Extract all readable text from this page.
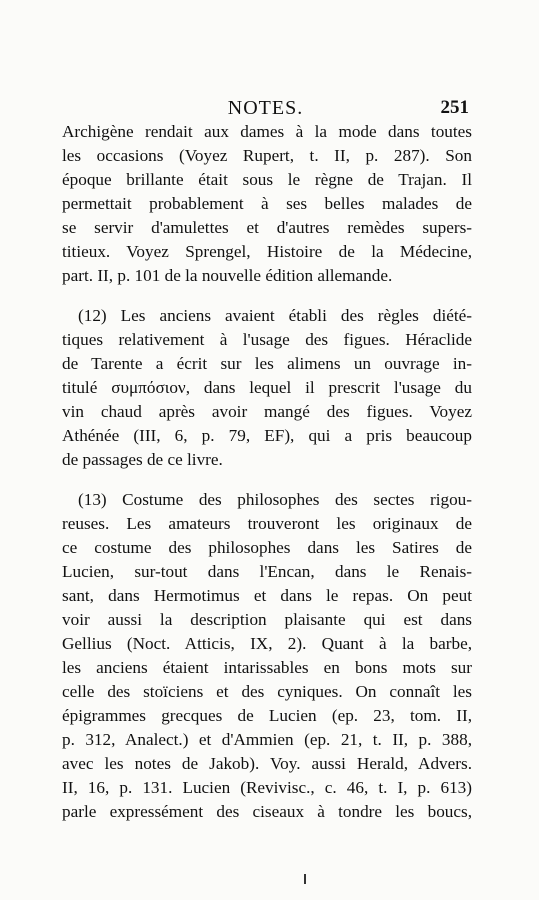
NOTES.	251
Archigène rendait aux dames à la mode dans toutes
les occasions (Voyez Rupert, t. II, p. 287). Son
époque brillante était sous le règne de Trajan. Il
permettait probablement à ses belles malades de
se servir d'amulettes et d'autres remèdes supers-
titieux. Voyez Sprengel, Histoire de la Médecine,
part. II, p. 101 de la nouvelle édition allemande.
(12) Les anciens avaient établi des règles diété-
tiques relativement à l'usage des figues. Héraclide
de Tarente a écrit sur les alimens un ouvrage in-
titulé συμπόσιον, dans lequel il prescrit l'usage du
vin chaud après avoir mangé des figues. Voyez
Athénée (III, 6, p. 79, EF), qui a pris beaucoup
de passages de ce livre.
(13) Costume des philosophes des sectes rigou-
reuses. Les amateurs trouveront les originaux de
ce costume des philosophes dans les Satires de
Lucien, sur-tout dans l'Encan, dans le Renais-
sant, dans Hermotimus et dans le repas. On peut
voir aussi la description plaisante qui est dans
Gellius (Noct. Atticis, IX, 2). Quant à la barbe,
les anciens étaient intarissables en bons mots sur
celle des stoïciens et des cyniques. On connaît les
épigrammes grecques de Lucien (ep. 23, tom. II,
p. 312, Analect.) et d'Ammien (ep. 21, t. II, p. 388,
avec les notes de Jakob). Voy. aussi Herald, Advers.
II, 16, p. 131. Lucien (Revivisc., c. 46, t. I, p. 613)
parle expressément des ciseaux à tondre les boucs,
